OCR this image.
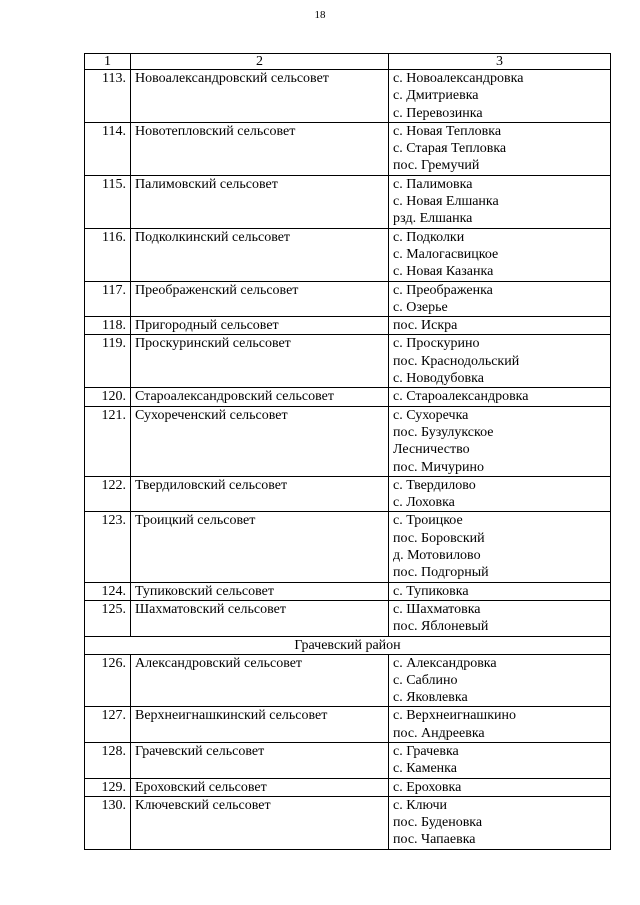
18
1	2	3
113.	Новоалександровский сельсовет	с. Новоалександровка
с. Дмитриевка
с. Перевозинка

114.	Новотепловский сельсовет	с. Новая Тепловка
с. Старая Тепловка
пос. Гремучий

115.	Палимовский сельсовет	с. Палимовка
с. Новая Елшанка
рзд. Елшанка

116.	Подколкинский сельсовет	с. Подколки
с. Малогасвицкое
с. Новая Казанка

117.	Преображенский сельсовет	с. Преображенка
с. Озерье

118.	Пригородный сельсовет	пос. Искра

119.	Проскуринский сельсовет	с. Проскурино
пос. Краснодольский
с. Новодубовка

120.	Староалександровский сельсовет	с. Староалександровка

121.	Сухореченский сельсовет	с. Сухоречка
пос. Бузулукское
Лесничество
пос. Мичурино

122.	Твердиловский сельсовет	с. Твердилово
с. Лоховка

123.	Троицкий сельсовет	с. Троицкое
пос. Боровский
д. Мотовилово
пос. Подгорный

124.	Тупиковский сельсовет	с. Тупиковка

125.	Шахматовский сельсовет	с. Шахматовка
пос. Яблоневый

Грачевский район		
126.	Александровский сельсовет	с. Александровка
с. Саблино
с. Яковлевка

127.	Верхнеигнашкинский сельсовет	с. Верхнеигнашкино
пос. Андреевка

128.	Грачевский сельсовет	с. Грачевка
с. Каменка

129.	Ероховский сельсовет	с. Ероховка

130.	Ключевский сельсовет	с. Ключи
пос. Буденовка
пос. Чапаевка
